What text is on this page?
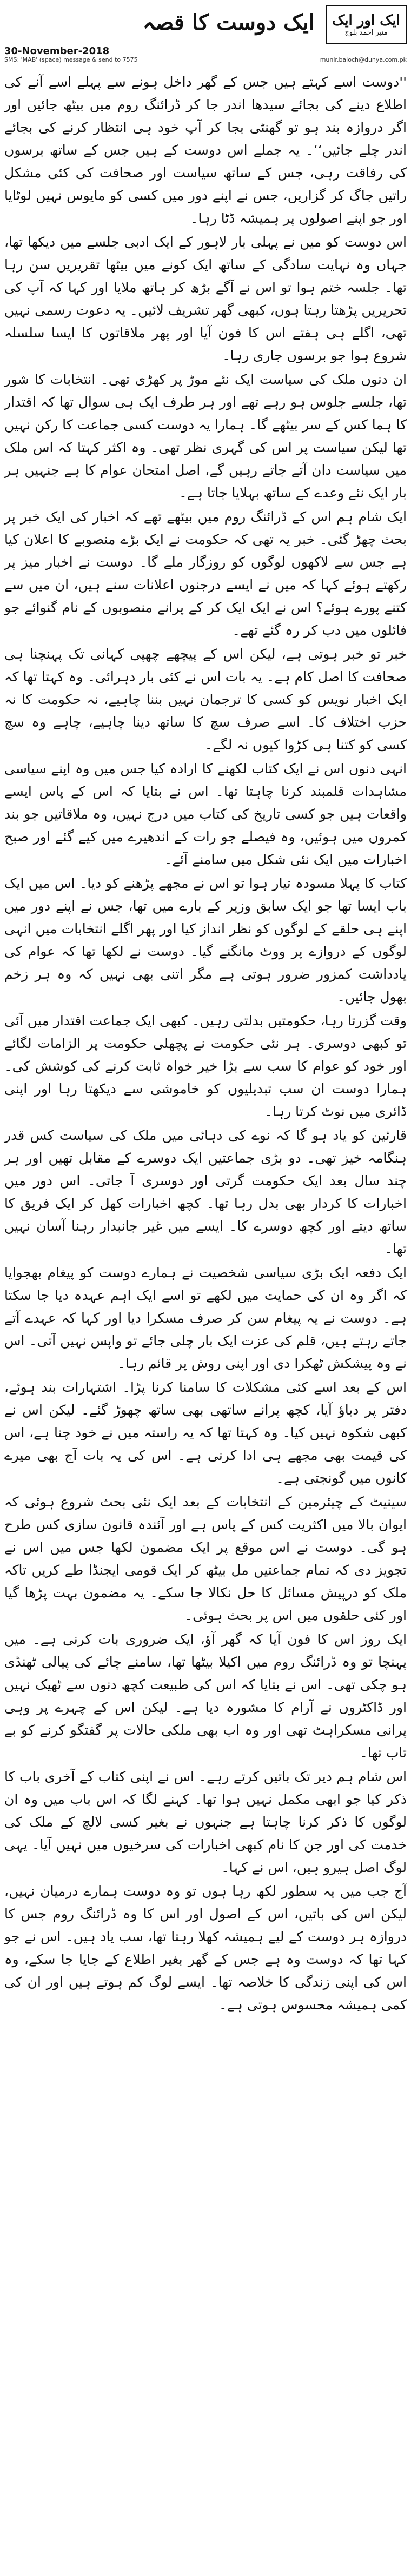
ایک اور ایک
منیر احمد بلوچ
ایک دوست کا قصہ
30-November-2018
SMS: 'MAB' (space) message & send to 7575	munir.baloch@dunya.com.pk

''دوست اسے کہتے ہیں جس کے گھر داخل ہونے سے پہلے اسے آنے کی اطلاع دینے کی بجائے سیدھا اندر جا کر ڈرائنگ روم میں بیٹھ جائیں اور اگر دروازہ بند ہو تو گھنٹی بجا کر آپ خود ہی انتظار کرنے کی بجائے اندر چلے جائیں‘‘۔ یہ جملے اس دوست کے ہیں جس کے ساتھ برسوں کی رفاقت رہی، جس کے ساتھ سیاست اور صحافت کی کئی مشکل راتیں جاگ کر گزاریں، جس نے اپنے دور میں کسی کو مایوس نہیں لوٹایا اور جو اپنے اصولوں پر ہمیشہ ڈٹا رہا۔

اس دوست کو میں نے پہلی بار لاہور کے ایک ادبی جلسے میں دیکھا تھا، جہاں وہ نہایت سادگی کے ساتھ ایک کونے میں بیٹھا تقریریں سن رہا تھا۔ جلسہ ختم ہوا تو اس نے آگے بڑھ کر ہاتھ ملایا اور کہا کہ آپ کی تحریریں پڑھتا رہتا ہوں، کبھی گھر تشریف لائیں۔ یہ دعوت رسمی نہیں تھی، اگلے ہی ہفتے اس کا فون آیا اور پھر ملاقاتوں کا ایسا سلسلہ شروع ہوا جو برسوں جاری رہا۔

ان دنوں ملک کی سیاست ایک نئے موڑ پر کھڑی تھی۔ انتخابات کا شور تھا، جلسے جلوس ہو رہے تھے اور ہر طرف ایک ہی سوال تھا کہ اقتدار کا ہما کس کے سر بیٹھے گا۔ ہمارا یہ دوست کسی جماعت کا رکن نہیں تھا لیکن سیاست پر اس کی گہری نظر تھی۔ وہ اکثر کہتا کہ اس ملک میں سیاست دان آتے جاتے رہیں گے، اصل امتحان عوام کا ہے جنہیں ہر بار ایک نئے وعدے کے ساتھ بہلایا جاتا ہے۔

ایک شام ہم اس کے ڈرائنگ روم میں بیٹھے تھے کہ اخبار کی ایک خبر پر بحث چھڑ گئی۔ خبر یہ تھی کہ حکومت نے ایک بڑے منصوبے کا اعلان کیا ہے جس سے لاکھوں لوگوں کو روزگار ملے گا۔ دوست نے اخبار میز پر رکھتے ہوئے کہا کہ میں نے ایسے درجنوں اعلانات سنے ہیں، ان میں سے کتنے پورے ہوئے؟ اس نے ایک ایک کر کے پرانے منصوبوں کے نام گنوائے جو فائلوں میں دب کر رہ گئے تھے۔

خبر تو خبر ہوتی ہے، لیکن اس کے پیچھے چھپی کہانی تک پہنچنا ہی صحافت کا اصل کام ہے۔ یہ بات اس نے کئی بار دہرائی۔ وہ کہتا تھا کہ ایک اخبار نویس کو کسی کا ترجمان نہیں بننا چاہیے، نہ حکومت کا نہ حزب اختلاف کا۔ اسے صرف سچ کا ساتھ دینا چاہیے، چاہے وہ سچ کسی کو کتنا ہی کڑوا کیوں نہ لگے۔

انہی دنوں اس نے ایک کتاب لکھنے کا ارادہ کیا جس میں وہ اپنے سیاسی مشاہدات قلمبند کرنا چاہتا تھا۔ اس نے بتایا کہ اس کے پاس ایسے واقعات ہیں جو کسی تاریخ کی کتاب میں درج نہیں، وہ ملاقاتیں جو بند کمروں میں ہوئیں، وہ فیصلے جو رات کے اندھیرے میں کیے گئے اور صبح اخبارات میں ایک نئی شکل میں سامنے آئے۔

کتاب کا پہلا مسودہ تیار ہوا تو اس نے مجھے پڑھنے کو دیا۔ اس میں ایک باب ایسا تھا جو ایک سابق وزیر کے بارے میں تھا، جس نے اپنے دور میں اپنے ہی حلقے کے لوگوں کو نظر انداز کیا اور پھر اگلے انتخابات میں انہی لوگوں کے دروازے پر ووٹ مانگنے گیا۔ دوست نے لکھا تھا کہ عوام کی یادداشت کمزور ضرور ہوتی ہے مگر اتنی بھی نہیں کہ وہ ہر زخم بھول جائیں۔

وقت گزرتا رہا، حکومتیں بدلتی رہیں۔ کبھی ایک جماعت اقتدار میں آئی تو کبھی دوسری۔ ہر نئی حکومت نے پچھلی حکومت پر الزامات لگائے اور خود کو عوام کا سب سے بڑا خیر خواہ ثابت کرنے کی کوشش کی۔ ہمارا دوست ان سب تبدیلیوں کو خاموشی سے دیکھتا رہا اور اپنی ڈائری میں نوٹ کرتا رہا۔

قارئین کو یاد ہو گا کہ نوے کی دہائی میں ملک کی سیاست کس قدر ہنگامہ خیز تھی۔ دو بڑی جماعتیں ایک دوسرے کے مقابل تھیں اور ہر چند سال بعد ایک حکومت گرتی اور دوسری آ جاتی۔ اس دور میں اخبارات کا کردار بھی بدل رہا تھا۔ کچھ اخبارات کھل کر ایک فریق کا ساتھ دیتے اور کچھ دوسرے کا۔ ایسے میں غیر جانبدار رہنا آسان نہیں تھا۔

ایک دفعہ ایک بڑی سیاسی شخصیت نے ہمارے دوست کو پیغام بھجوایا کہ اگر وہ ان کی حمایت میں لکھے تو اسے ایک اہم عہدہ دیا جا سکتا ہے۔ دوست نے یہ پیغام سن کر صرف مسکرا دیا اور کہا کہ عہدے آتے جاتے رہتے ہیں، قلم کی عزت ایک بار چلی جائے تو واپس نہیں آتی۔ اس نے وہ پیشکش ٹھکرا دی اور اپنی روش پر قائم رہا۔

اس کے بعد اسے کئی مشکلات کا سامنا کرنا پڑا۔ اشتہارات بند ہوئے، دفتر پر دباؤ آیا، کچھ پرانے ساتھی بھی ساتھ چھوڑ گئے۔ لیکن اس نے کبھی شکوہ نہیں کیا۔ وہ کہتا تھا کہ یہ راستہ میں نے خود چنا ہے، اس کی قیمت بھی مجھے ہی ادا کرنی ہے۔ اس کی یہ بات آج بھی میرے کانوں میں گونجتی ہے۔

سینیٹ کے چیئرمین کے انتخابات کے بعد ایک نئی بحث شروع ہوئی کہ ایوان بالا میں اکثریت کس کے پاس ہے اور آئندہ قانون سازی کس طرح ہو گی۔ دوست نے اس موقع پر ایک مضمون لکھا جس میں اس نے تجویز دی کہ تمام جماعتیں مل بیٹھ کر ایک قومی ایجنڈا طے کریں تاکہ ملک کو درپیش مسائل کا حل نکالا جا سکے۔ یہ مضمون بہت پڑھا گیا اور کئی حلقوں میں اس پر بحث ہوئی۔

ایک روز اس کا فون آیا کہ گھر آؤ، ایک ضروری بات کرنی ہے۔ میں پہنچا تو وہ ڈرائنگ روم میں اکیلا بیٹھا تھا، سامنے چائے کی پیالی ٹھنڈی ہو چکی تھی۔ اس نے بتایا کہ اس کی طبیعت کچھ دنوں سے ٹھیک نہیں اور ڈاکٹروں نے آرام کا مشورہ دیا ہے۔ لیکن اس کے چہرے پر وہی پرانی مسکراہٹ تھی اور وہ اب بھی ملکی حالات پر گفتگو کرنے کو بے تاب تھا۔

اس شام ہم دیر تک باتیں کرتے رہے۔ اس نے اپنی کتاب کے آخری باب کا ذکر کیا جو ابھی مکمل نہیں ہوا تھا۔ کہنے لگا کہ اس باب میں وہ ان لوگوں کا ذکر کرنا چاہتا ہے جنہوں نے بغیر کسی لالچ کے ملک کی خدمت کی اور جن کا نام کبھی اخبارات کی سرخیوں میں نہیں آیا۔ یہی لوگ اصل ہیرو ہیں، اس نے کہا۔

آج جب میں یہ سطور لکھ رہا ہوں تو وہ دوست ہمارے درمیان نہیں، لیکن اس کی باتیں، اس کے اصول اور اس کا وہ ڈرائنگ روم جس کا دروازہ ہر دوست کے لیے ہمیشہ کھلا رہتا تھا، سب یاد ہیں۔ اس نے جو کہا تھا کہ دوست وہ ہے جس کے گھر بغیر اطلاع کے جایا جا سکے، وہ اس کی اپنی زندگی کا خلاصہ تھا۔ ایسے لوگ کم ہوتے ہیں اور ان کی کمی ہمیشہ محسوس ہوتی ہے۔
